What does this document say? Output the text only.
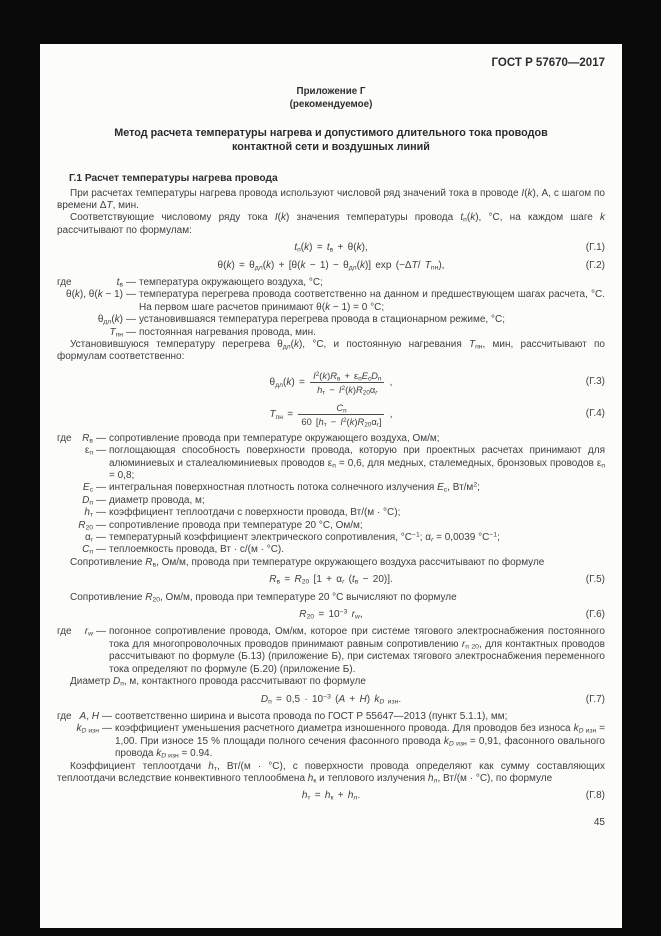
ГОСТ Р 57670—2017
Приложение Г
(рекомендуемое)
Метод расчета температуры нагрева и допустимого длительного тока проводов
контактной сети и воздушных линий
Г.1 Расчет температуры нагрева провода
При расчетах температуры нагрева провода используют числовой ряд значений тока в проводе I(k), А, с шагом по времени ΔT, мин.
Соответствующие числовому ряду тока I(k) значения температуры провода $t_п(k)$, °С, на каждом шаге k рассчитывают по формулам:
$t_п(k) = t_в + \theta(k)$,	(Г.1)
$\theta(k) = \theta_{дл}(k) + [\theta(k - 1) - \theta_{дл}(k)]$ exp (−ΔT/ $T_{пн}$),	(Г.2)
где	$t_в$ — температура окружающего воздуха, °С;
θ(k), θ(k − 1) — температура перегрева провода соответственно на данном и предшествующем шагах расчета, °С. На первом шаге расчетов принимают θ(k − 1) = 0 °С;
$\theta_{дл}(k)$ — установившаяся температура перегрева провода в стационарном режиме, °С;
$T_{пн}$ — постоянная нагревания провода, мин.
Установившуюся температуру перегрева $\theta_{дл}(k)$, °С, и постоянную нагревания $T_{пн}$, мин, рассчитывают по формулам соответственно:
$\theta_{дл}(k)$ =
$I^2(k)R_в + \varepsilon_пE_сD_п$
$h_т - I^2(k)R_{20}\alpha_r$
,	(Г.3)
$T_{пн}$ =
$C_п$
60 $[h_т - I^2(k)R_{20}\alpha_r]$
,	(Г.4)
где	$R_в$ — сопротивление провода при температуре окружающего воздуха, Ом/м;
$\varepsilon_п$ — поглощающая способность поверхности провода, которую при проектных расчетах принимают для алюминиевых и сталеалюминиевых проводов $\varepsilon_п = 0,6$, для медных, сталемедных, бронзовых проводов $\varepsilon_п = 0,8$;
$E_с$ — интегральная поверхностная плотность потока солнечного излучения $E_с$, $Вт/м^2$;
$D_п$ — диаметр провода, м;
$h_т$ — коэффициент теплоотдачи с поверхности провода, Вт/(м · °С);
$R_{20}$ — сопротивление провода при температуре 20 °С, Ом/м;
$\alpha_r$ — температурный коэффициент электрического сопротивления, $^\circ С^{-1}$; $\alpha_r = 0,0039$ $^\circ С^{-1}$;
$C_п$ — теплоемкость провода, Вт · с/(м · °С).
Сопротивление $R_в$, Ом/м, провода при температуре окружающего воздуха рассчитывают по формуле
$R_в = R_{20}$ [$1 + \alpha_r$ $(t_в - 20)$].	(Г.5)
Сопротивление $R_{20}$, Ом/м, провода при температуре 20 °С вычисляют по формуле
$R_{20} = 10^{-3}$ $r_w$,	(Г.6)
где	$r_w$ — погонное сопротивление провода, Ом/км, которое при системе тягового электроснабжения постоянного тока для многопроволочных проводов принимают равным сопротивлению $r_{п 20}$, для контактных проводов рассчитывают по формуле (Б.13) (приложение Б), при системах тягового электроснабжения переменного тока определяют по формуле (Б.20) (приложение Б).
Диаметр $D_п$, м, контактного провода рассчитывают по формуле
$D_п = 0,5 \cdot 10^{-3}$ (A + H) $k_{D изн}$.	(Г.7)
где A, H — соответственно ширина и высота провода по ГОСТ Р 55647—2013 (пункт 5.1.1), мм;
$k_{D изн}$ — коэффициент уменьшения расчетного диаметра изношенного провода. Для проводов без износа $k_{D изн} = 1,00$. При износе 15 % площади полного сечения фасонного провода $k_{D изн} = 0,91$, фасонного овального провода $k_{D изн} = 0.94$.
Коэффициент теплоотдачи $h_т$, Вт/(м · °С), с поверхности провода определяют как сумму составляющих теплоотдачи вследствие конвективного теплообмена $h_к$ и теплового излучения $h_л$, Вт/(м · °С), по формуле
$h_т = h_к + h_л$.	(Г.8)
45
